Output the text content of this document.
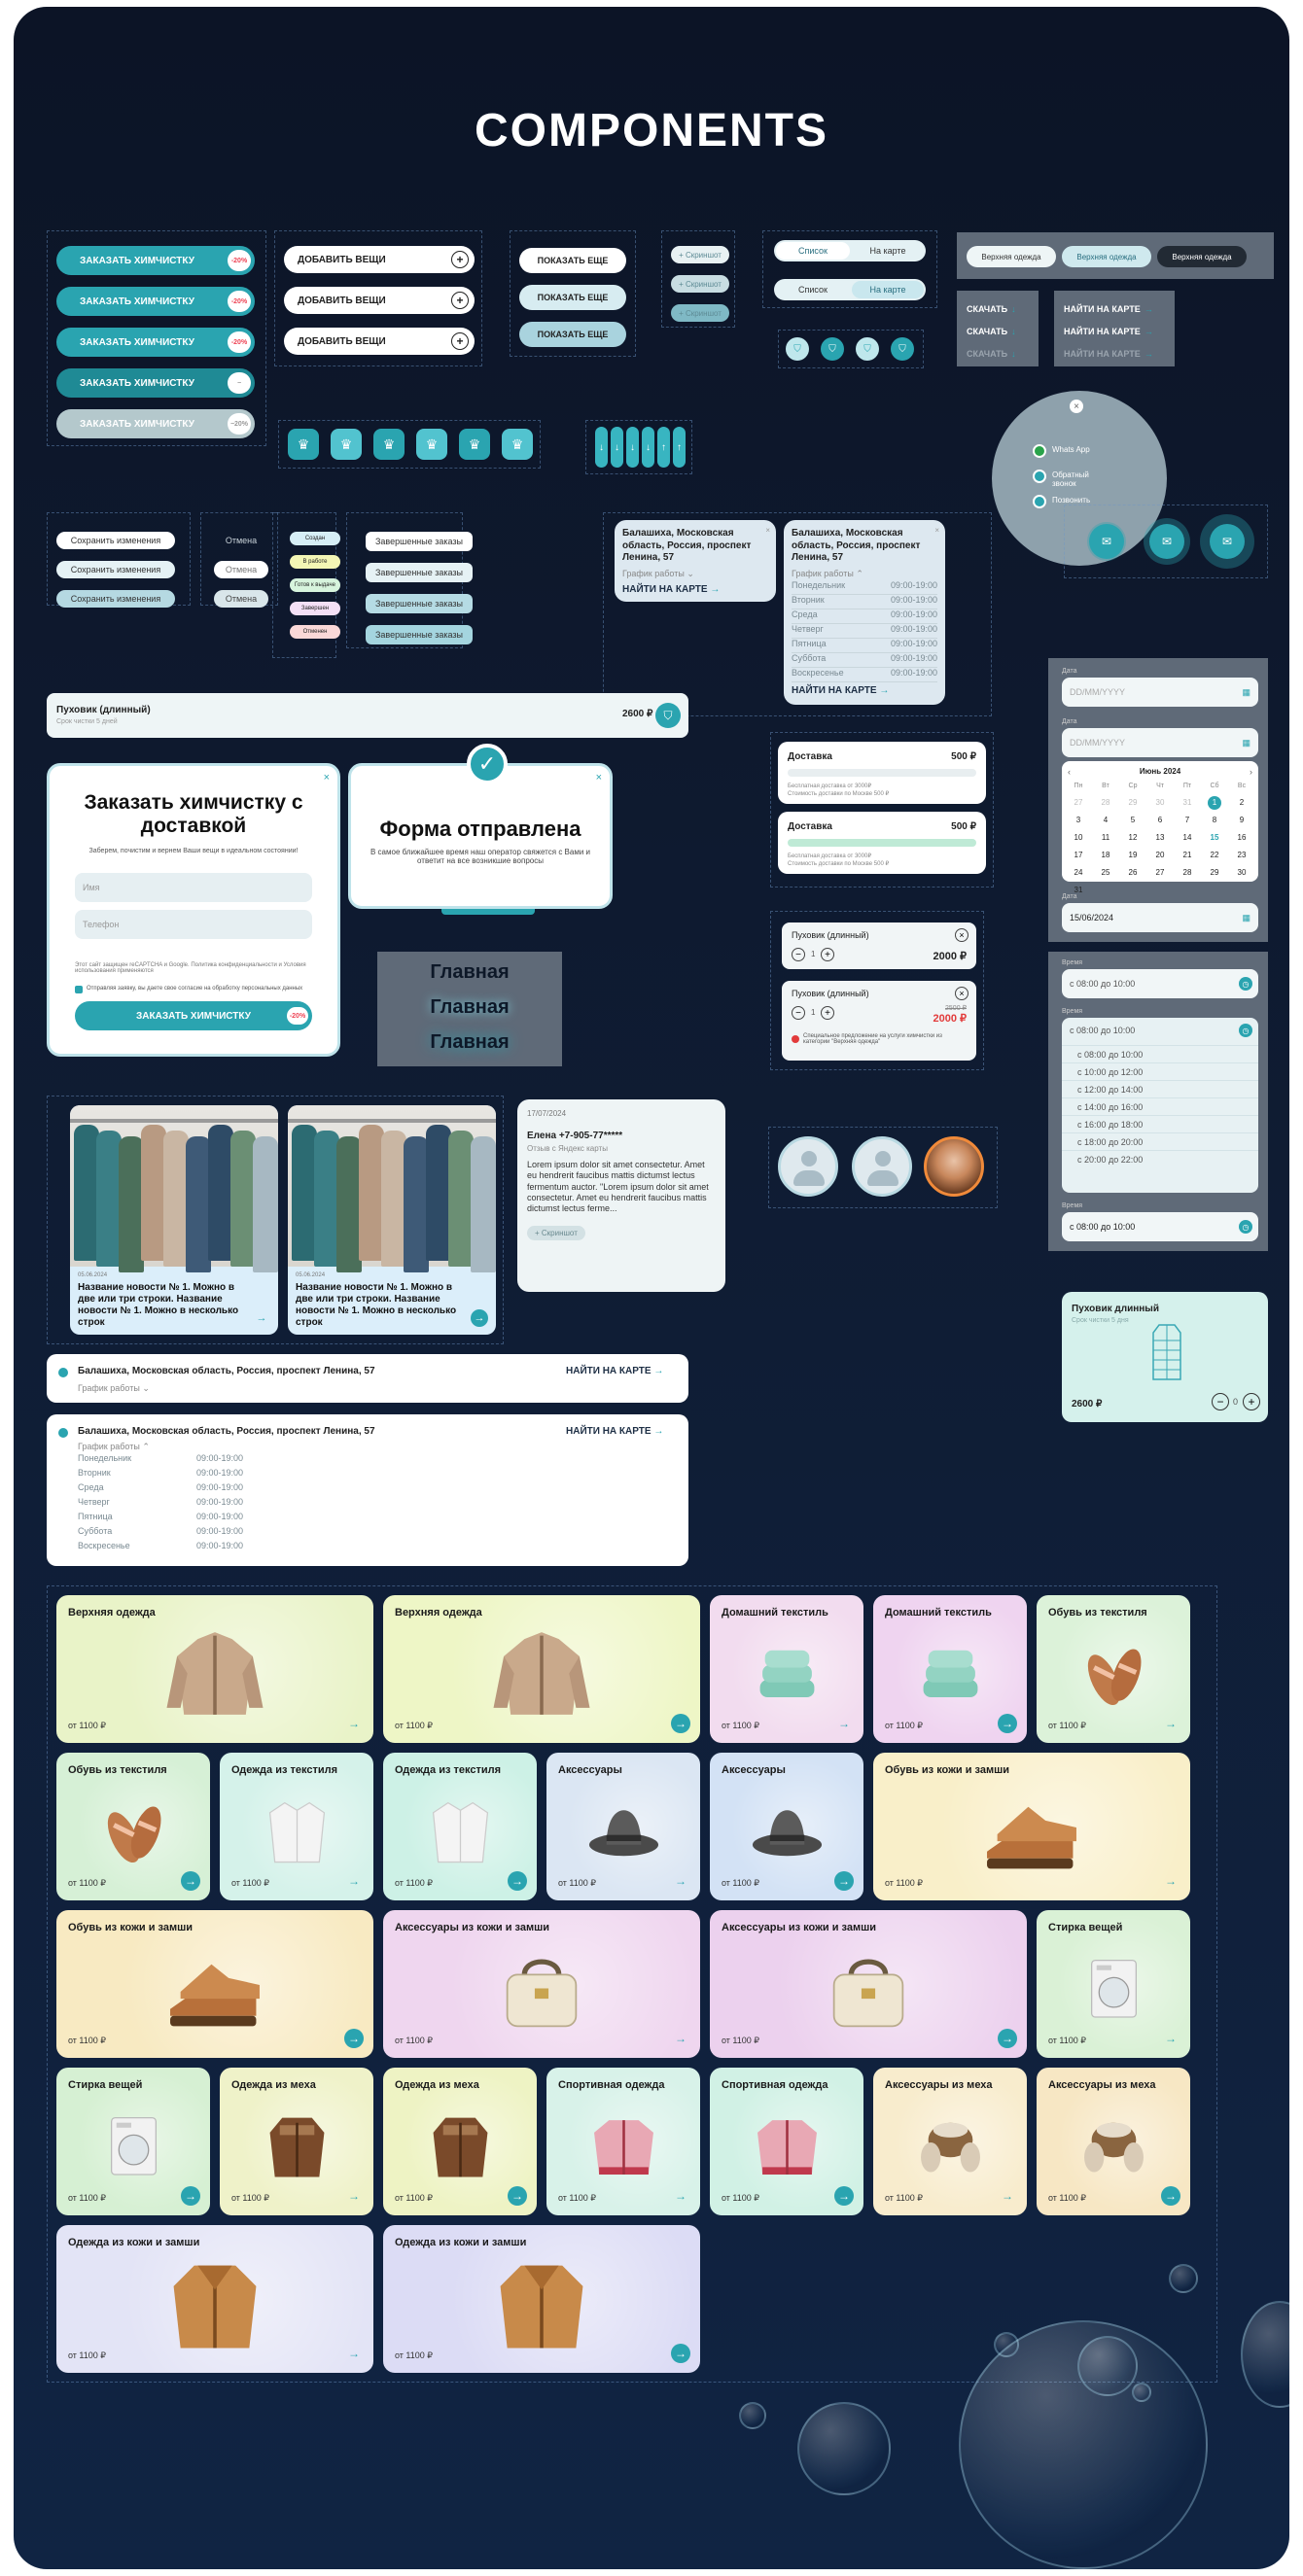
COMPONENTS
Список	На карте
Список	На карте
×
Балашиха, Московская область, Россия, проспект Ленина, 57
График работы ⌄
НАЙТИ НА КАРТЕ →
× Балашиха, Московская область, Россия, проспект Ленина, 57
График работы ⌃
Понедельник	09:00-19:00
Вторник	09:00-19:00
Среда	09:00-19:00
Четверг	09:00-19:00
Пятница	09:00-19:00
Суббота	09:00-19:00
Воскресенье	09:00-19:00
НАЙТИ НА КАРТЕ →
×
Пуховик (длинный)
Срок чистки 5 дней
2600 ₽ ⛉
×
Заказать химчистку с доставкой
Заберем, почистим и вернем Ваши вещи в идеальном состоянии!
Имя
Телефон
Этот сайт защищен reCAPTCHA и Google. Политика конфиденциальности и Условия использования применяются
Отправляя заявку, вы даете свое согласие на обработку персональных данных
ЗАКАЗАТЬ ХИМЧИСТКУ	-20%
×
Форма отправлена
В самое ближайшее время наш оператор свяжется с Вами и ответит на все возникшие вопросы
✓
Дата
DD/MM/YYYY	▦
Дата
DD/MM/YYYY	▦
‹	Июнь 2024	›
Пн	Вт	Ср	Чт	Пт	Сб	Вс
27	28	29	30	31	1	2
3	4	5	6	7	8	9
10	11	12	13	14	15	16
17	18	19	20	21	22	23
24	25	26	27	28	29	30
31
Дата
15/06/2024	▦
Время
с 08:00 до 10:00	◷
Время
с 08:00 до 10:00	◷
с 08:00 до 10:00
с 10:00 до 12:00
с 12:00 до 14:00
с 14:00 до 16:00
с 16:00 до 18:00
с 18:00 до 20:00
с 20:00 до 22:00
Время
с 08:00 до 10:00	◷
17/07/2024
Елена +7-905-77*****
Отзыв с Яндекс карты
Lorem ipsum dolor sit amet consectetur. Amet eu hendrerit faucibus mattis dictumst lectus fermentum auctor. "Lorem ipsum dolor sit amet consectetur. Amet eu hendrerit faucibus mattis dictumst lectus ferme...
+ Скриншот
Пуховик длинный
Срок чистки 5 дня
2600 ₽	−	0 +
Балашиха, Московская область, Россия, проспект Ленина, 57
График работы ⌄
НАЙТИ НА КАРТЕ →
Балашиха, Московская область, Россия, проспект Ленина, 57
График работы ⌃
Понедельник	09:00-19:00
Вторник	09:00-19:00
Среда	09:00-19:00
Четверг	09:00-19:00
Пятница	09:00-19:00
Суббота	09:00-19:00
Воскресенье	09:00-19:00
НАЙТИ НА КАРТЕ →
ЗАКАЗАТЬ ХИМЧИСТКУ	-20%
ЗАКАЗАТЬ ХИМЧИСТКУ	-20%
ЗАКАЗАТЬ ХИМЧИСТКУ	-20%
ЗАКАЗАТЬ ХИМЧИСТКУ	−
ЗАКАЗАТЬ ХИМЧИСТКУ	−20%
ДОБАВИТЬ ВЕЩИ	+
ДОБАВИТЬ ВЕЩИ	+
ДОБАВИТЬ ВЕЩИ	+
ПОКАЗАТЬ ЕЩЕ
ПОКАЗАТЬ ЕЩЕ
ПОКАЗАТЬ ЕЩЕ
+ Скриншот
+ Скриншот
+ Скриншот
⛉	⛉	⛉	⛉
Верхняя одежда	Верхняя одежда	Верхняя одежда
СКАЧАТЬ ↓
СКАЧАТЬ ↓
СКАЧАТЬ ↓
НАЙТИ НА КАРТЕ →
НАЙТИ НА КАРТЕ →
НАЙТИ НА КАРТЕ →
♛	♛	♛	♛	♛	♛	↓	↓	↓	↓	↑	↑	Whats App
Обратный звонок
Позвонить
✉	✉	✉
Сохранить изменения
Сохранить изменения
Сохранить изменения
Отмена
Отмена
Отмена
Создан
В работе
Готов к выдаче
Завершен
Отменен
Завершенные заказы
Завершенные заказы
Завершенные заказы
Завершенные заказы
Главная
Главная
Главная
Доставка	500 ₽
Бесплатная доставка от 3000₽
Стоимость доставки по Москве 500 ₽
Доставка	500 ₽
Бесплатная доставка от 3000₽
Стоимость доставки по Москве 500 ₽
Пуховик (длинный)	×
−	1 +	2000 ₽
Пуховик (длинный)	×
−	1 +	2500 ₽
2000 ₽
Специальное предложение на услуги химчистки из категории "Верхняя одежда"
05.06.2024
Название новости № 1. Можно в две или три строки. Название новости № 1. Можно в несколько строк	→
05.06.2024
Название новости № 1. Можно в две или три строки. Название новости № 1. Можно в несколько строк	→
Верхняя одежда
от 1100 ₽	→
Верхняя одежда
от 1100 ₽	→
Домашний текстиль
от 1100 ₽	→
Домашний текстиль
от 1100 ₽	→
Обувь из текстиля
от 1100 ₽	→
Обувь из текстиля
от 1100 ₽	→
Одежда из текстиля
от 1100 ₽	→
Одежда из текстиля
от 1100 ₽	→
Аксессуары
от 1100 ₽	→
Аксессуары
от 1100 ₽	→
Обувь из кожи и замши
от 1100 ₽	→
Обувь из кожи и замши
от 1100 ₽	→
Аксессуары из кожи и замши
от 1100 ₽	→
Аксессуары из кожи и замши
от 1100 ₽	→
Стирка вещей
от 1100 ₽	→
Стирка вещей
от 1100 ₽	→
Одежда из меха
от 1100 ₽	→
Одежда из меха
от 1100 ₽	→
Спортивная одежда
от 1100 ₽	→
Спортивная одежда
от 1100 ₽	→
Аксессуары из меха
от 1100 ₽	→
Аксессуары из меха
от 1100 ₽	→
Одежда из кожи и замши
от 1100 ₽	→
Одежда из кожи и замши
от 1100 ₽	→
